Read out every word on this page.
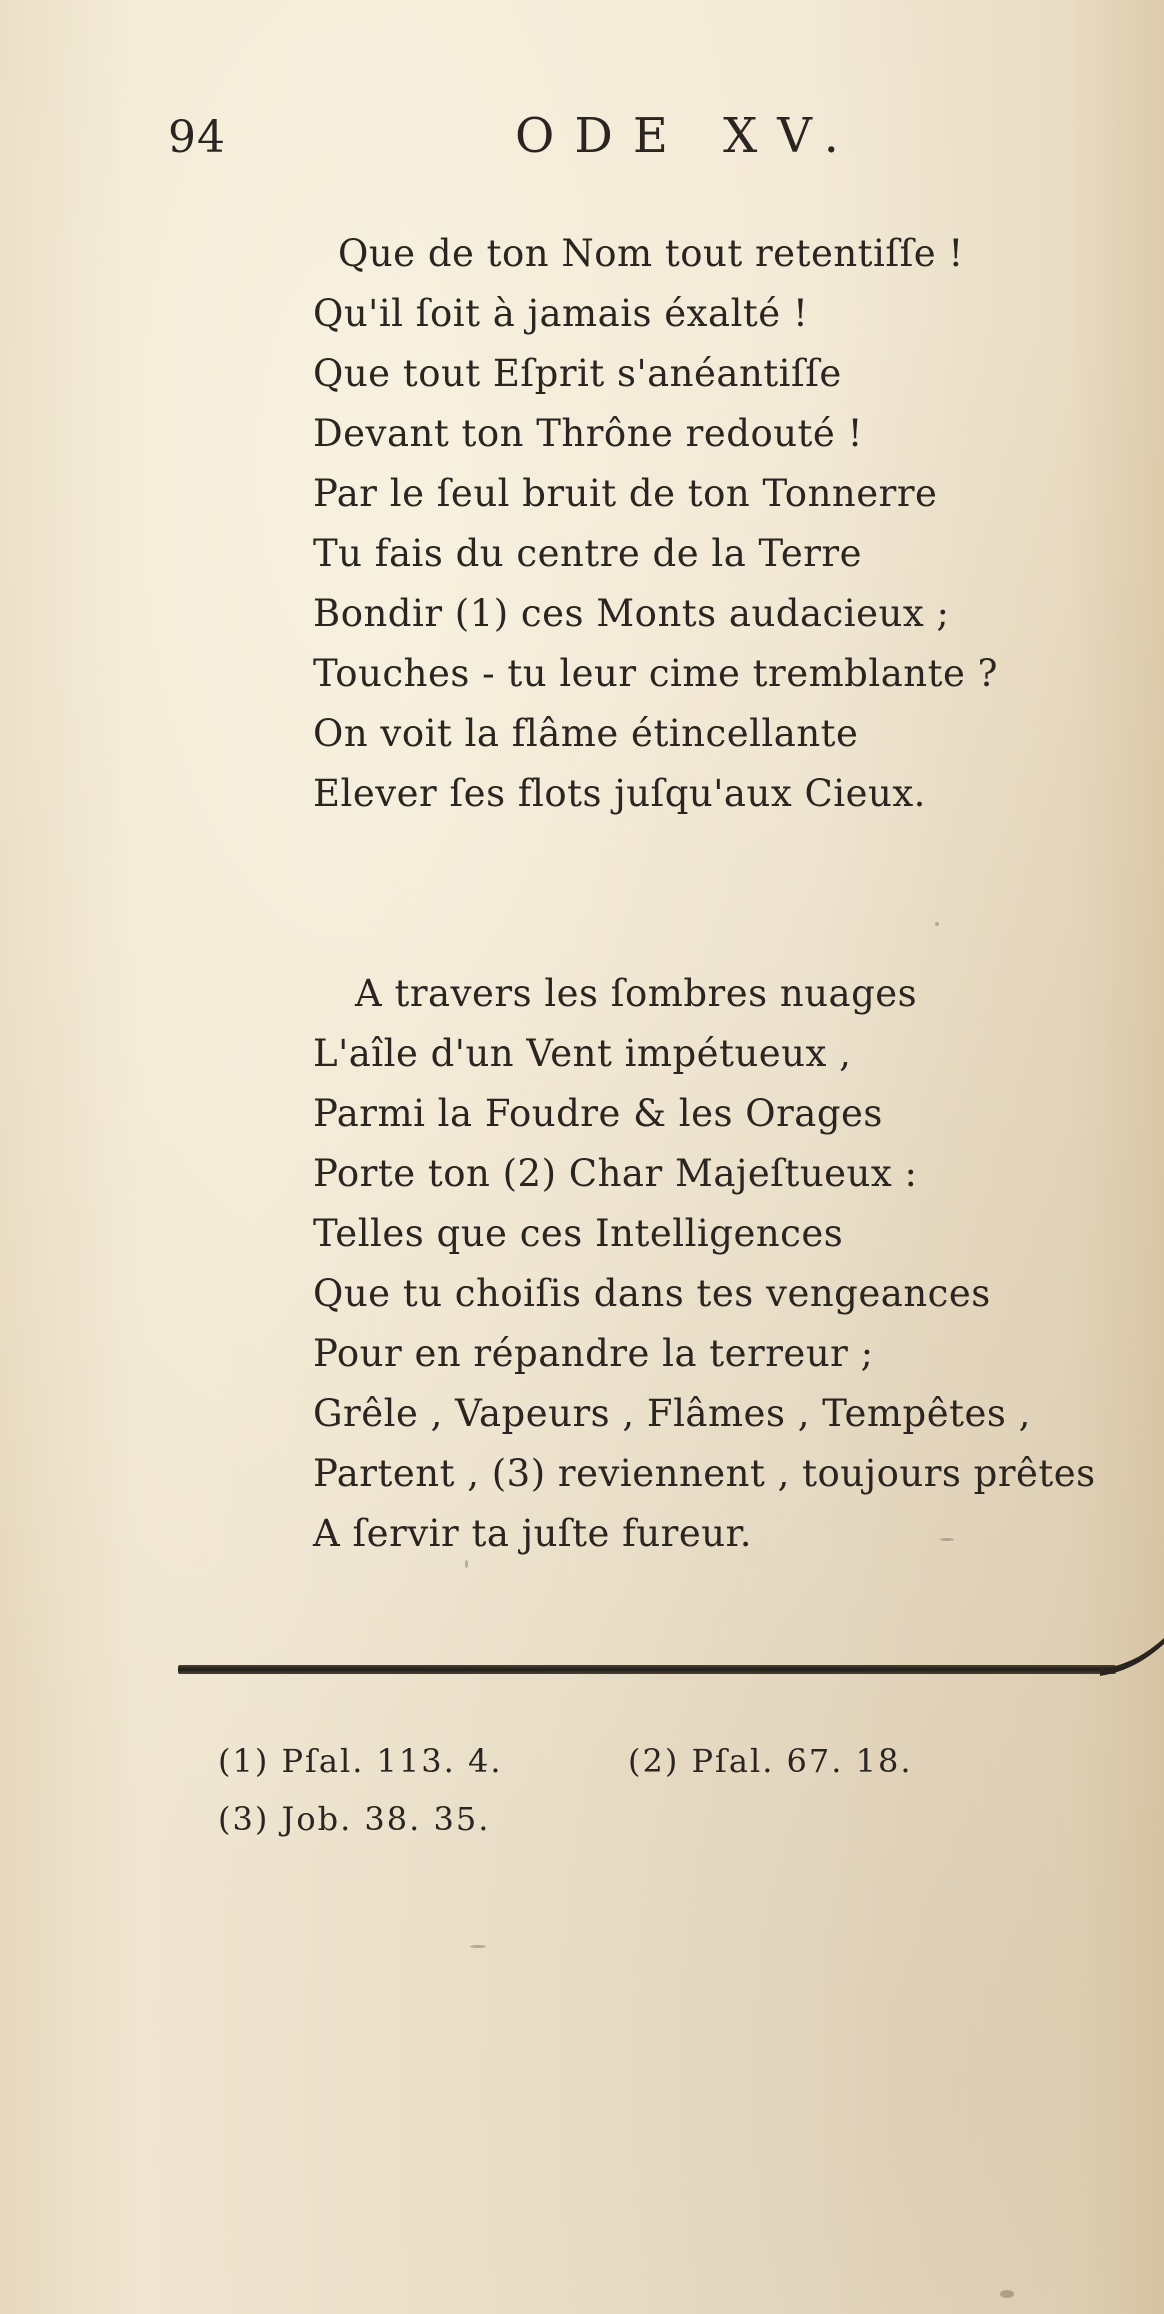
94	ODE XV.
Que de ton Nom tout retentiſſe !
Qu'il ſoit à jamais éxalté !
Que tout Eſprit s'anéantiſſe
Devant ton Thrône redouté !
Par le ſeul bruit de ton Tonnerre
Tu fais du centre de la Terre
Bondir (1) ces Monts audacieux ;
Touches - tu leur cime tremblante ?
On voit la flâme étincellante
Elever ſes flots juſqu'aux Cieux.
A travers les ſombres nuages
L'aîle d'un Vent impétueux ,
Parmi la Foudre & les Orages
Porte ton (2) Char Majeſtueux :
Telles que ces Intelligences
Que tu choiſis dans tes vengeances
Pour en répandre la terreur ;
Grêle , Vapeurs , Flâmes , Tempêtes ,
Partent , (3) reviennent , toujours prêtes
A ſervir ta juſte fureur.
(1) Pſal. 113. 4.	(2) Pſal. 67. 18.
(3) Job. 38. 35.
